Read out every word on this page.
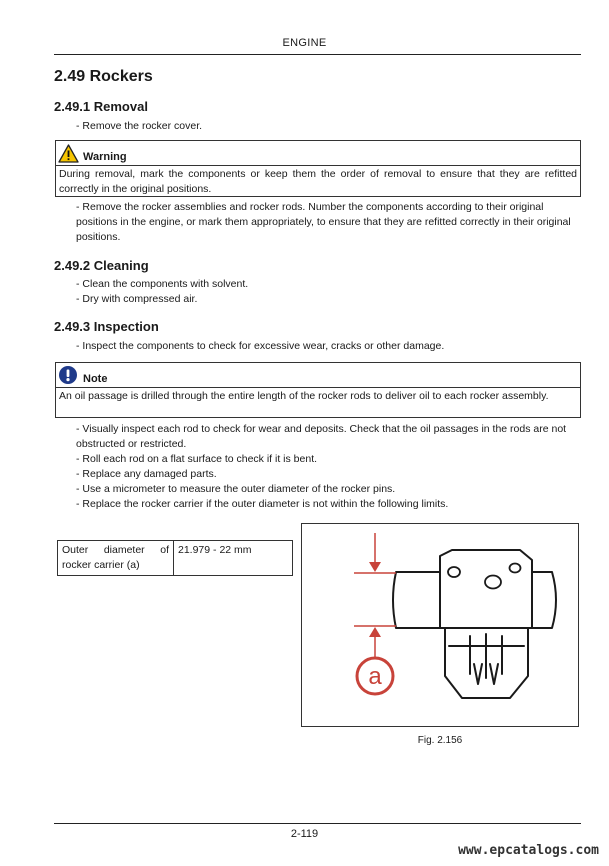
ENGINE
2.49 Rockers
2.49.1 Removal
- Remove the rocker cover.
Warning
During removal, mark the components or keep them the order of removal to ensure that they are refitted correctly in the original positions.
- Remove the rocker assemblies and rocker rods. Number the components according to their original positions in the engine, or mark them appropriately, to ensure that they are refitted correctly in their original positions.
2.49.2 Cleaning
- Clean the components with solvent.
- Dry with compressed air.
2.49.3 Inspection
- Inspect the components to check for excessive wear, cracks or other damage.
Note
An oil passage is drilled through the entire length of the rocker rods to deliver oil to each rocker assembly.
- Visually inspect each rod to check for wear and deposits. Check that the oil passages in the rods are not obstructed or restricted.
- Roll each rod on a flat surface to check if it is bent.
- Replace any damaged parts.
- Use a micrometer to measure the outer diameter of the rocker pins.
- Replace the rocker carrier if the outer diameter is not within the following limits.
Outer diameter of rocker carrier (a)	21.979 - 22 mm
a
Fig. 2.156
2-119
www.epcatalogs.com
